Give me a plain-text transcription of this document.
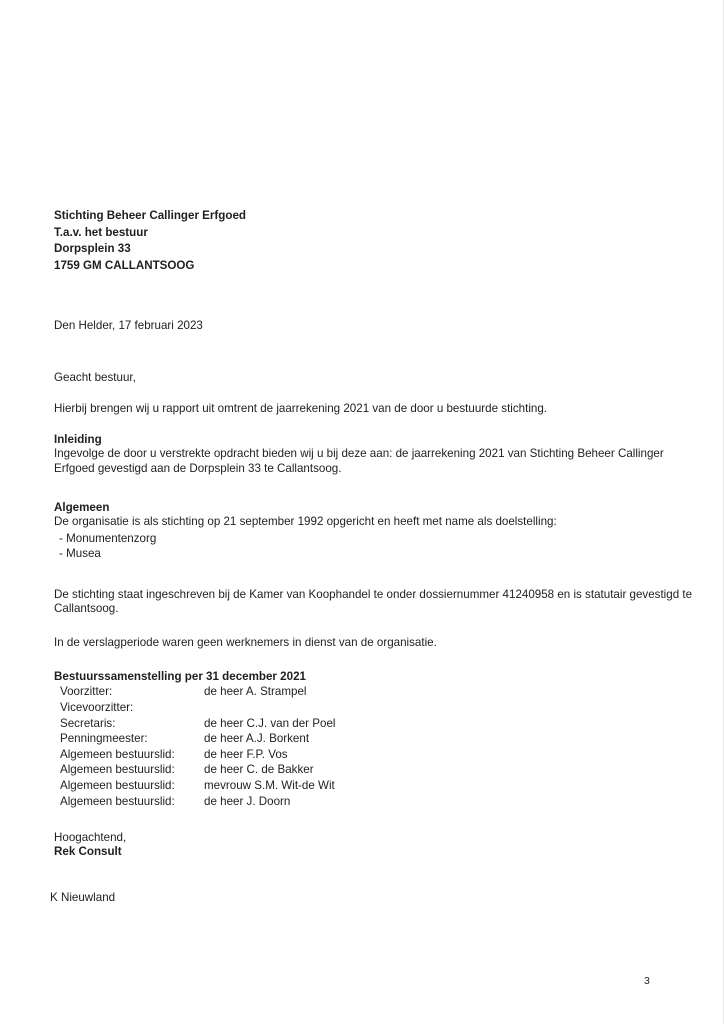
Stichting Beheer Callinger Erfgoed
T.a.v. het bestuur
Dorpsplein 33
1759 GM CALLANTSOOG
Den Helder, 17 februari 2023
Geacht bestuur,
Hierbij brengen wij u rapport uit omtrent de jaarrekening 2021 van de door u bestuurde stichting.
Inleiding
Ingevolge de door u verstrekte opdracht bieden wij u bij deze aan: de jaarrekening 2021 van Stichting Beheer Callinger Erfgoed gevestigd aan de Dorpsplein 33 te Callantsoog.
Algemeen
De organisatie is als stichting op 21 september 1992 opgericht en heeft met name als doelstelling:
- Monumentenzorg
- Musea
De stichting staat ingeschreven bij de Kamer van Koophandel te onder dossiernummer 41240958 en is statutair gevestigd te Callantsoog.
In de verslagperiode waren geen werknemers in dienst van de organisatie.
Bestuurssamenstelling per 31 december 2021
Voorzitter:	de heer A. Strampel
Vicevoorzitter:	
Secretaris:	de heer C.J. van der Poel
Penningmeester:	de heer A.J. Borkent
Algemeen bestuurslid:	de heer F.P. Vos
Algemeen bestuurslid:	de heer C. de Bakker
Algemeen bestuurslid:	mevrouw S.M. Wit-de Wit
Algemeen bestuurslid:	de heer J. Doorn
Hoogachtend,
Rek Consult
K Nieuwland
3
